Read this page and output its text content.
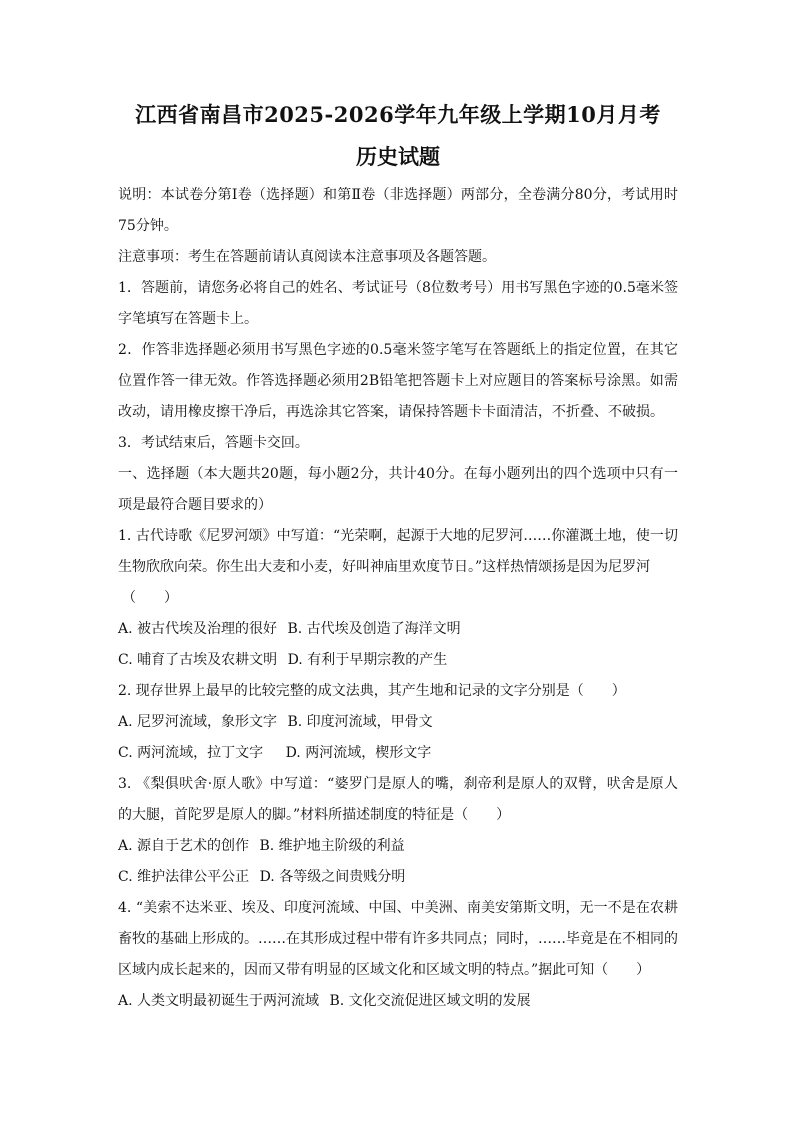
江西省南昌市2025-2026学年九年级上学期10月月考
历史试题

说明：本试卷分第Ⅰ卷（选择题）和第Ⅱ卷（非选择题）两部分，全卷满分80分，考试用时75分钟。

注意事项：考生在答题前请认真阅读本注意事项及各题答题。

1．答题前，请您务必将自己的姓名、考试证号（8位数考号）用书写黑色字迹的0.5毫米签字笔填写在答题卡上。

2．作答非选择题必须用书写黑色字迹的0.5毫米签字笔写在答题纸上的指定位置，在其它位置作答一律无效。作答选择题必须用2B铅笔把答题卡上对应题目的答案标号涂黑。如需改动，请用橡皮擦干净后，再选涂其它答案，请保持答题卡卡面清洁，不折叠、不破损。

3．考试结束后，答题卡交回。

一、选择题（本大题共20题，每小题2分，共计40分。在每小题列出的四个选项中只有一项是最符合题目要求的）

1. 古代诗歌《尼罗河颂》中写道：“光荣啊，起源于大地的尼罗河……你灌溉土地，使一切生物欣欣向荣。你生出大麦和小麦，好叫神庙里欢度节日。”这样热情颂扬是因为尼罗河

（　　）

A. 被古代埃及治理的很好 B. 古代埃及创造了海洋文明

C. 哺育了古埃及农耕文明 D. 有利于早期宗教的产生

2. 现存世界上最早的比较完整的成文法典，其产生地和记录的文字分别是（　　）

A. 尼罗河流域，象形文字 B. 印度河流域，甲骨文

C. 两河流域，拉丁文字 D. 两河流域，楔形文字

3. 《梨俱吠舍·原人歌》中写道：“婆罗门是原人的嘴，刹帝利是原人的双臂，吠舍是原人的大腿，首陀罗是原人的脚。”材料所描述制度的特征是（　　）

A. 源自于艺术的创作 B. 维护地主阶级的利益

C. 维护法律公平公正 D. 各等级之间贵贱分明

4. “美索不达米亚、埃及、印度河流域、中国、中美洲、南美安第斯文明，无一不是在农耕畜牧的基础上形成的。……在其形成过程中带有许多共同点；同时，……毕竟是在不相同的区域内成长起来的，因而又带有明显的区域文化和区域文明的特点。”据此可知（　　）

A. 人类文明最初诞生于两河流域 B. 文化交流促进区域文明的发展
